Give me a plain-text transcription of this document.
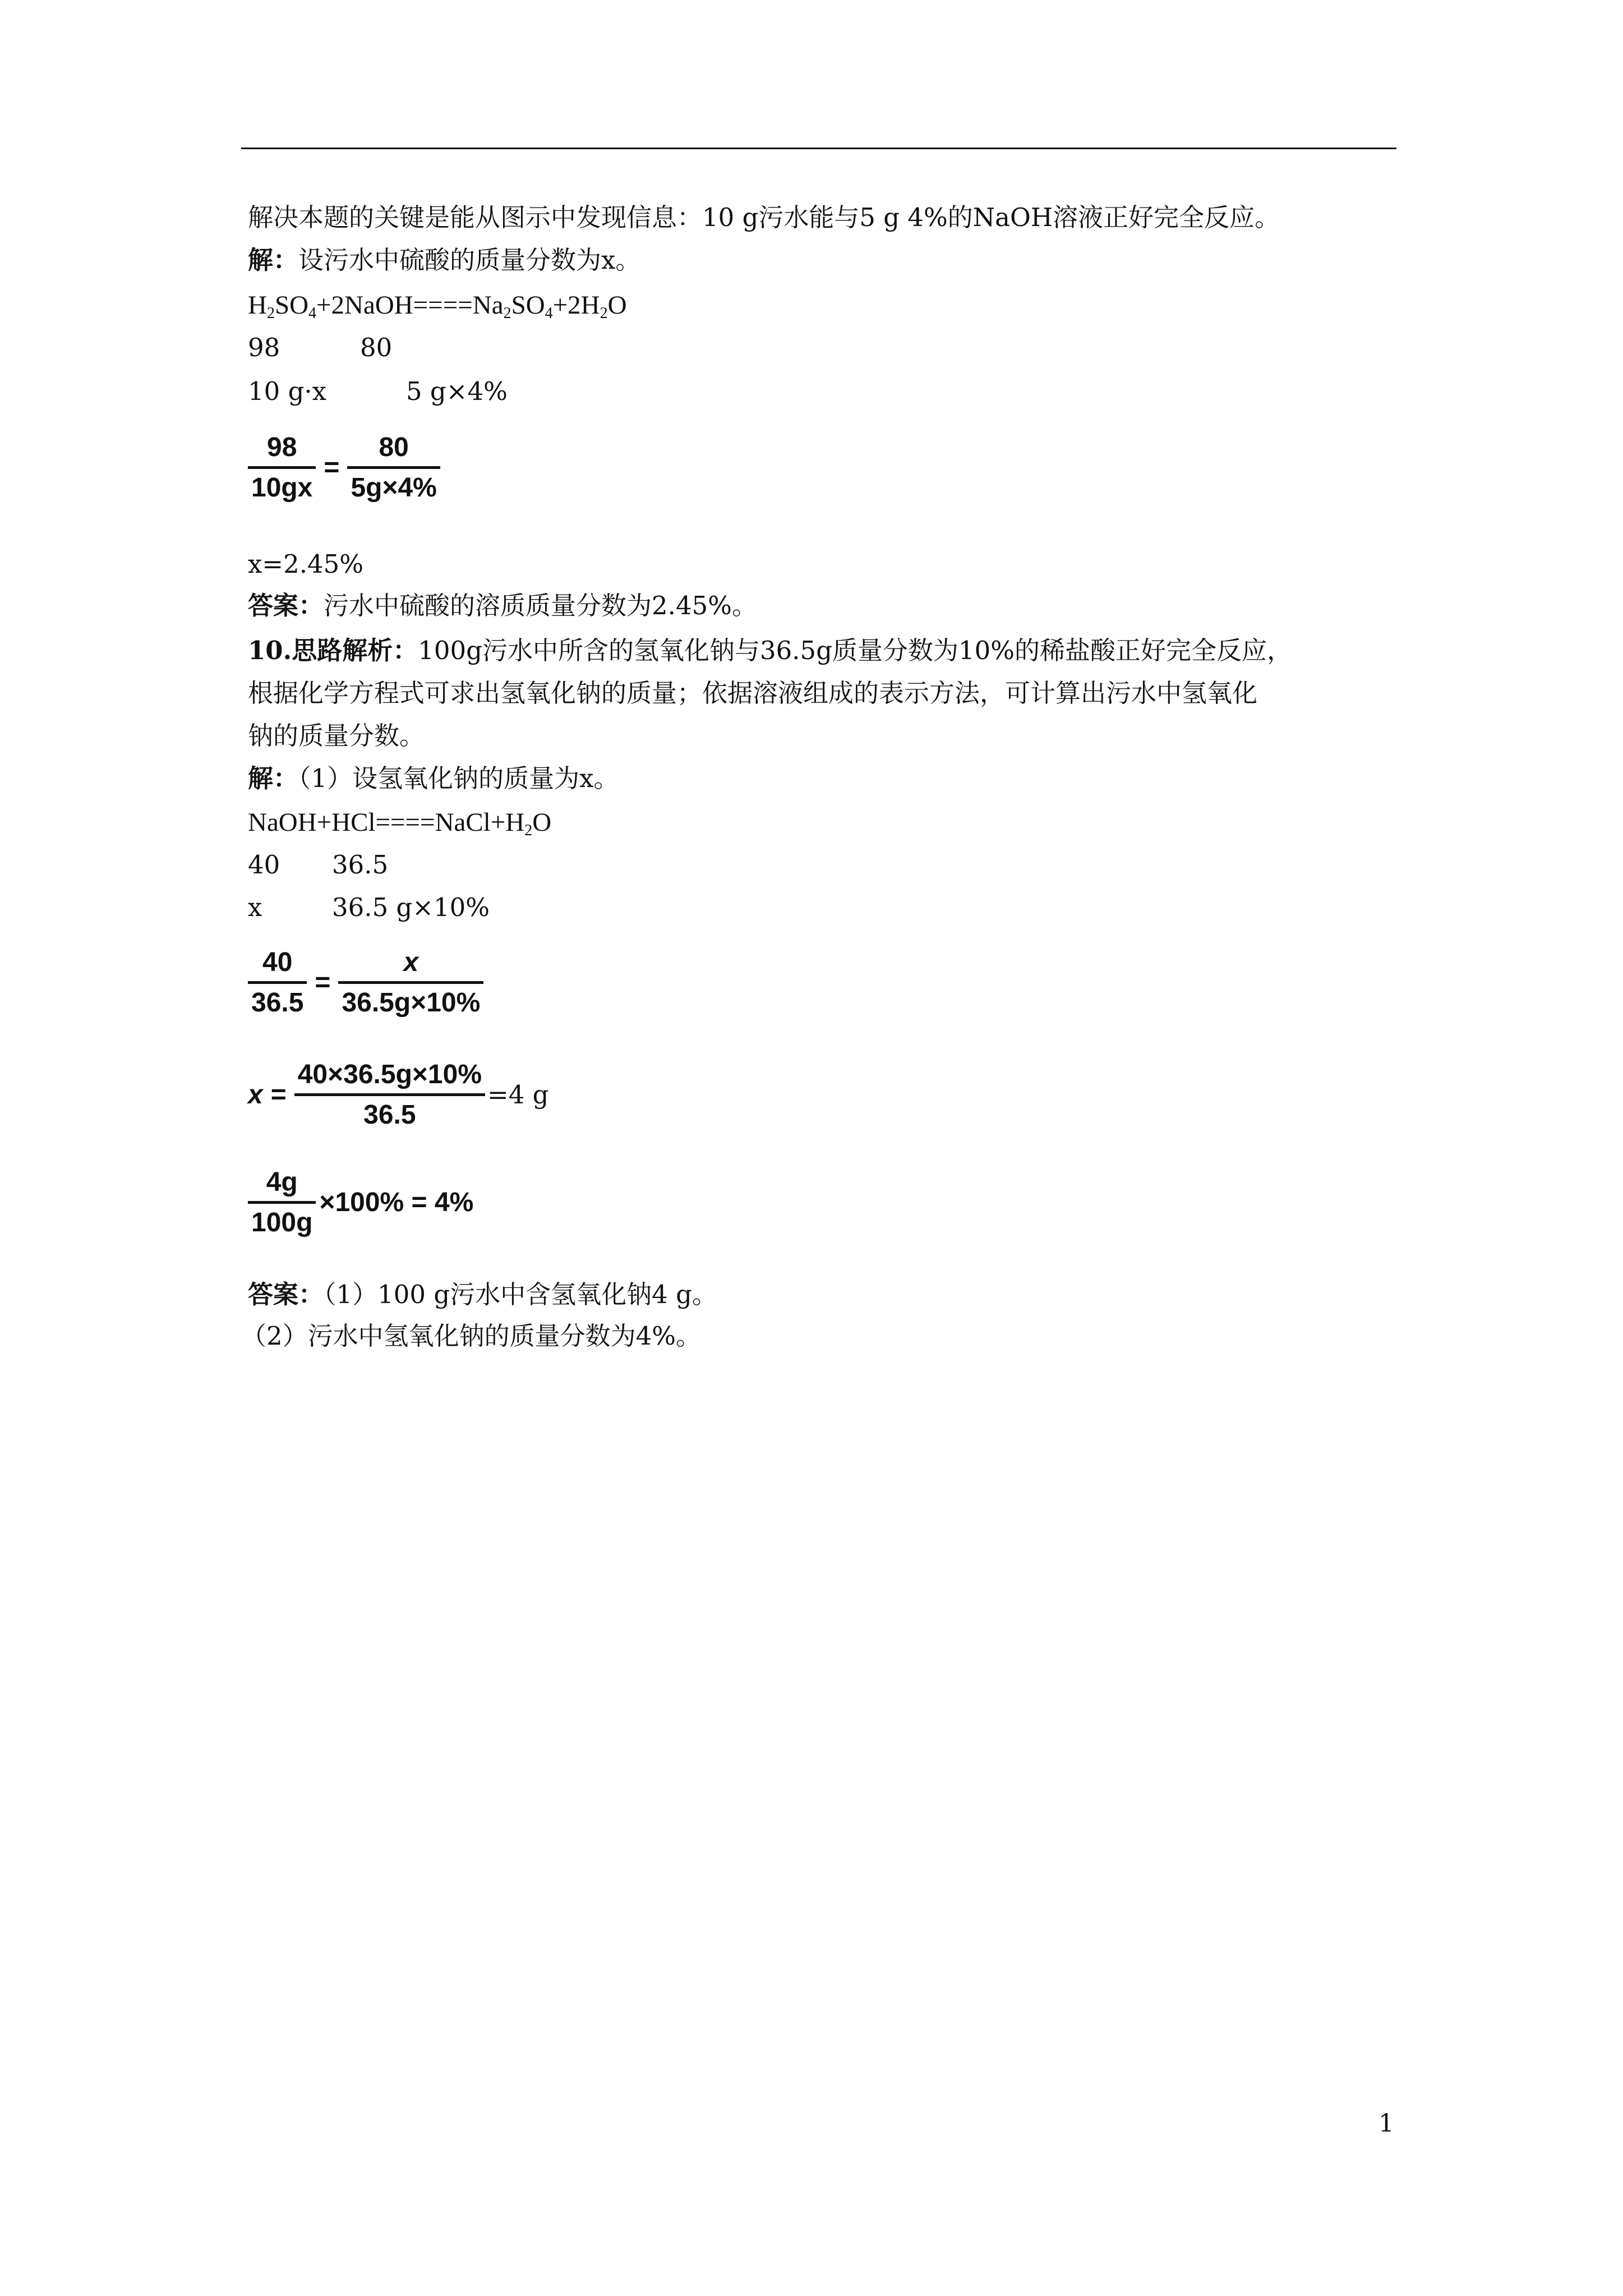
解决本题的关键是能从图示中发现信息：10 g污水能与5 g 4%的NaOH溶液正好完全反应。
解：设污水中硫酸的质量分数为x。
$H_2SO_4+2NaOH====Na_2SO_4+2H_2O$
98	80
10 g·x	5 g×4%
98
10gx
=
80
5g×4%
x=2.45%
答案：污水中硫酸的溶质质量分数为2.45%。
10.思路解析：100g污水中所含的氢氧化钠与36.5g质量分数为10%的稀盐酸正好完全反应，
根据化学方程式可求出氢氧化钠的质量；依据溶液组成的表示方法，可计算出污水中氢氧化
钠的质量分数。
解：（1）设氢氧化钠的质量为x。
$NaOH+HCl====NaCl+H_2O$
40 36.5
x	36.5 g×10%
40
36.5
=
x
36.5g×10%
x =
40×36.5g×10%
36.5
=4 g
4g
100g
×100% = 4%
答案：（1）100 g污水中含氢氧化钠4 g。
（2）污水中氢氧化钠的质量分数为4%。
1
